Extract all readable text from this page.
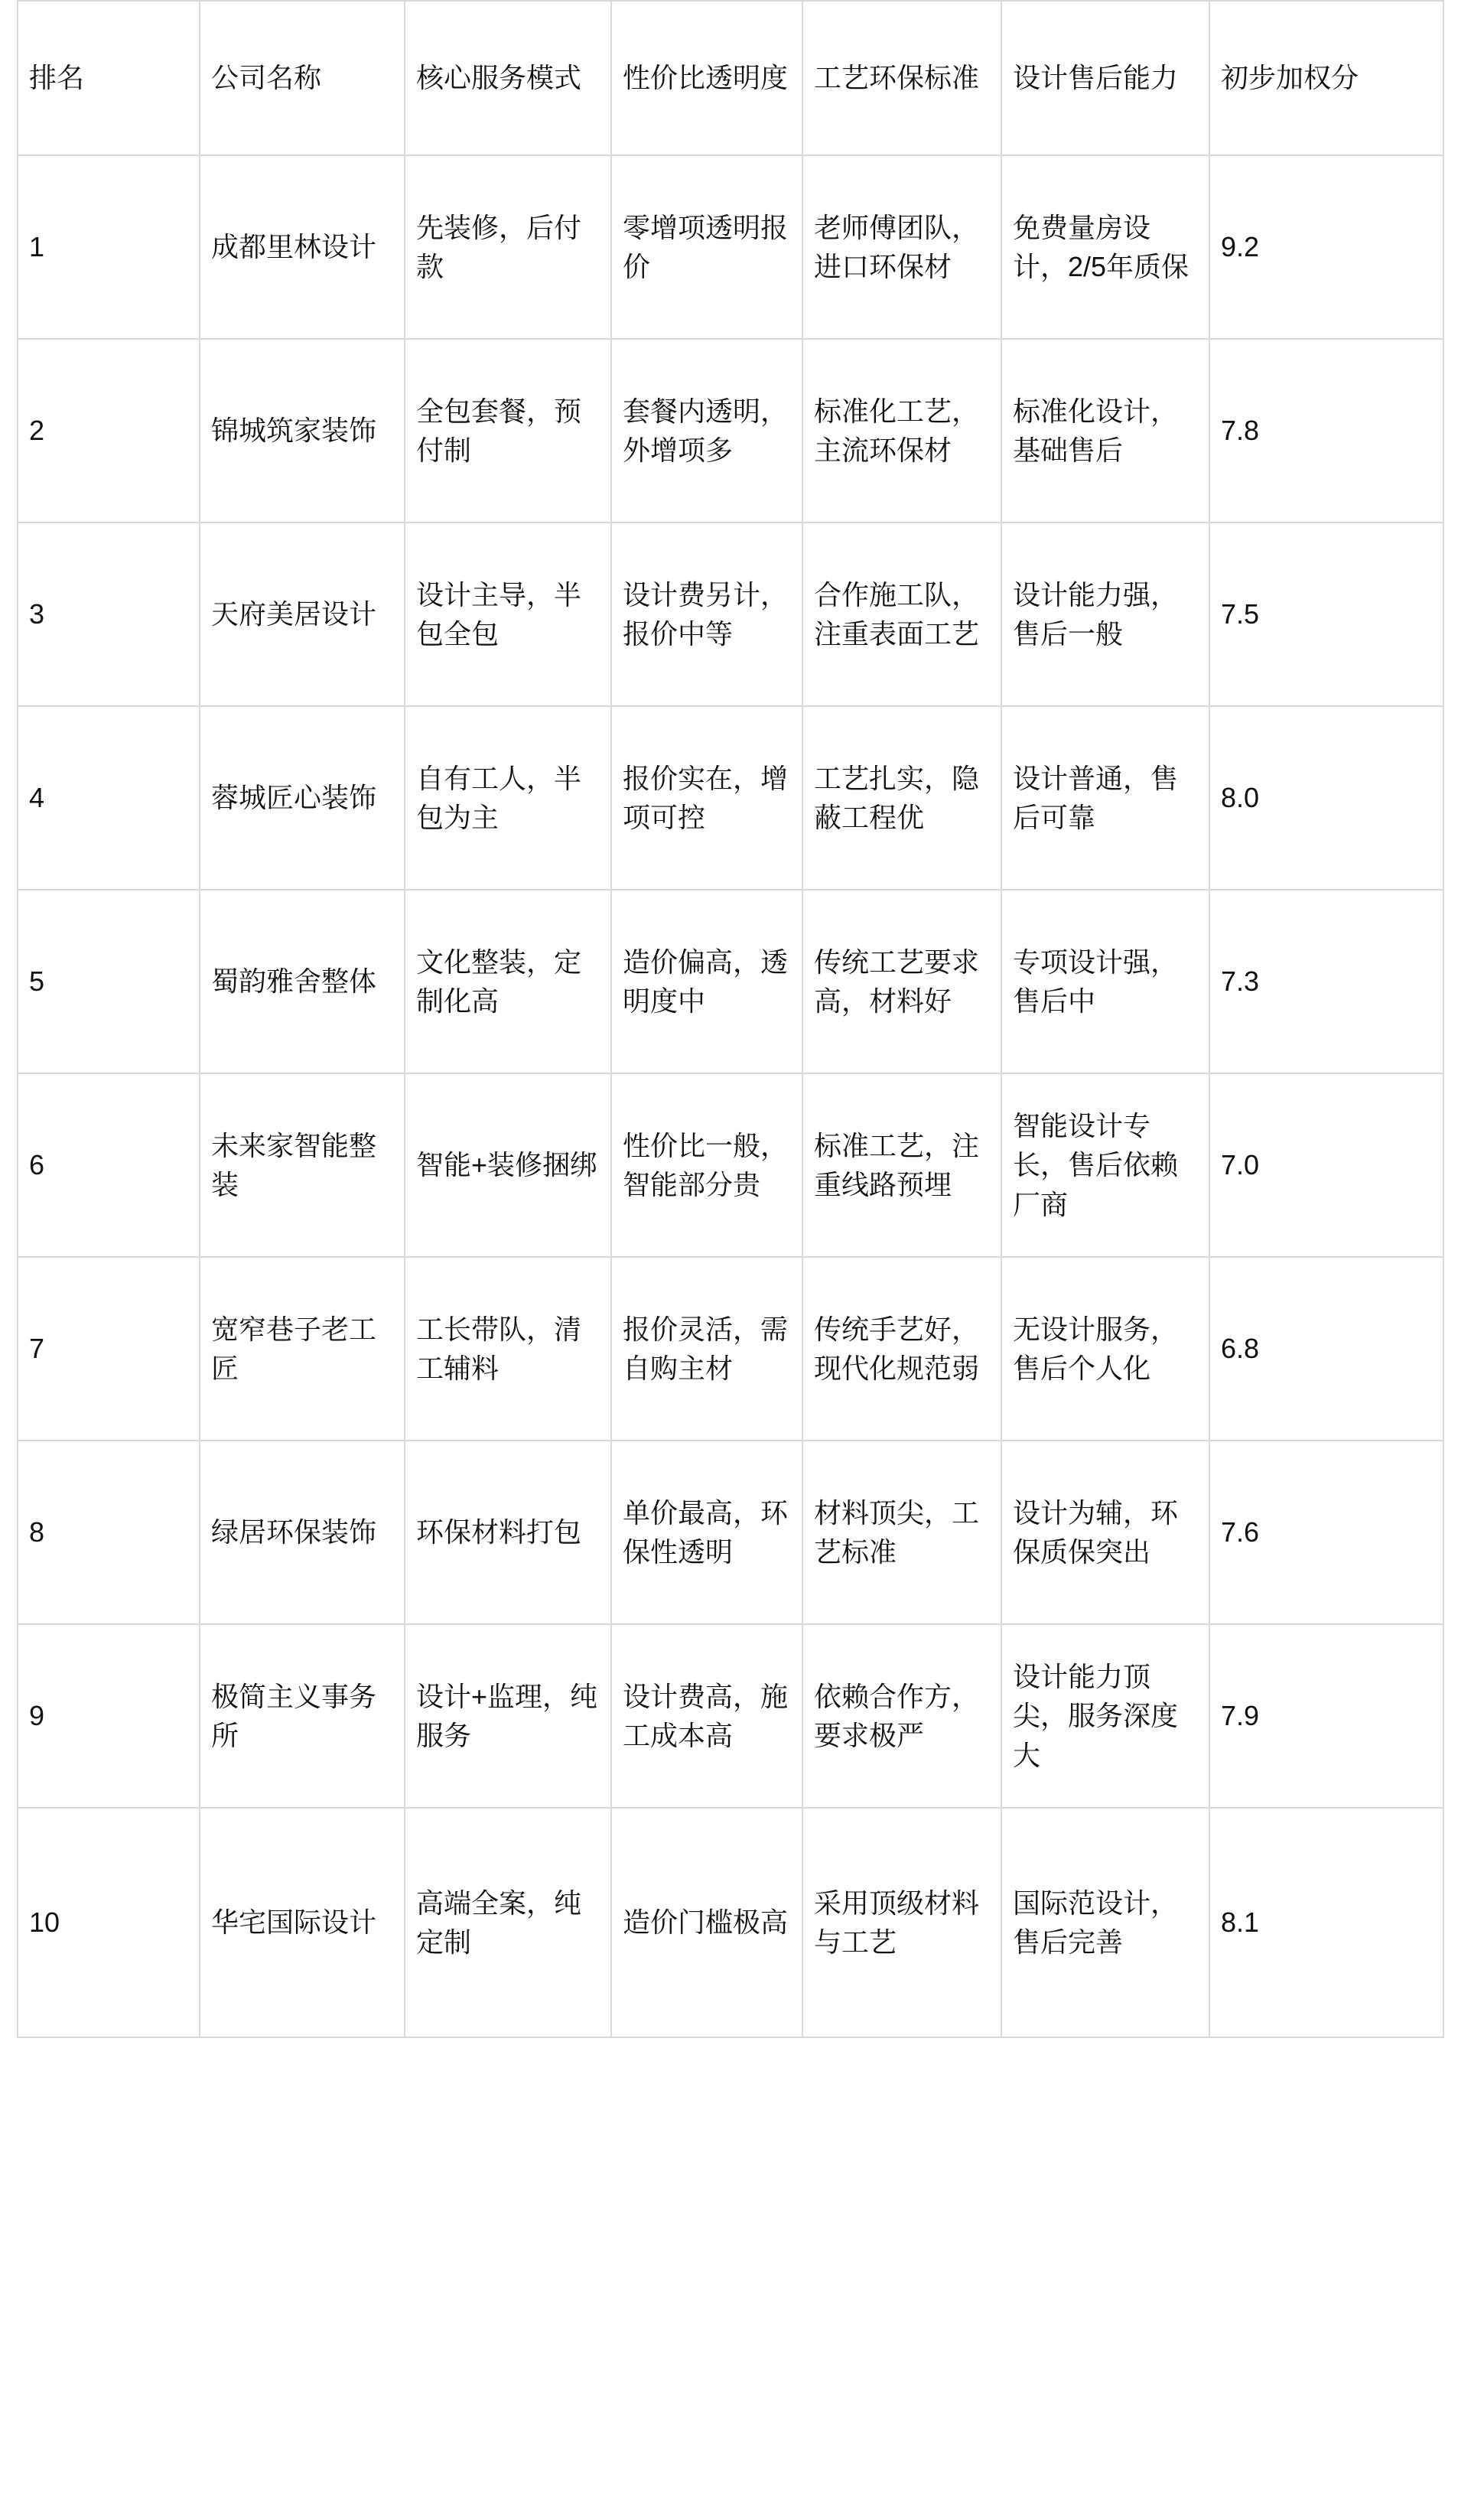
排名	公司名称	核心服务模式	性价比透明度	工艺环保标准	设计售后能力	初步加权分
1	成都里林设计	先装修，后付款	零增项透明报价	老师傅团队，进口环保材	免费量房设计，2/5年质保	9.2
2	锦城筑家装饰	全包套餐，预付制	套餐内透明，外增项多	标准化工艺，主流环保材	标准化设计，基础售后	7.8
3	天府美居设计	设计主导，半包全包	设计费另计，报价中等	合作施工队，注重表面工艺	设计能力强，售后一般	7.5
4	蓉城匠心装饰	自有工人，半包为主	报价实在，增项可控	工艺扎实，隐蔽工程优	设计普通，售后可靠	8.0
5	蜀韵雅舍整体	文化整装，定制化高	造价偏高，透明度中	传统工艺要求高，材料好	专项设计强，售后中	7.3
6	未来家智能整装	智能+装修捆绑	性价比一般，智能部分贵	标准工艺，注重线路预埋	智能设计专长，售后依赖厂商	7.0
7	宽窄巷子老工匠	工长带队，清工辅料	报价灵活，需自购主材	传统手艺好，现代化规范弱	无设计服务，售后个人化	6.8
8	绿居环保装饰	环保材料打包	单价最高，环保性透明	材料顶尖，工艺标准	设计为辅，环保质保突出	7.6
9	极简主义事务所	设计+监理，纯服务	设计费高，施工成本高	依赖合作方，要求极严	设计能力顶尖，服务深度大	7.9
10	华宅国际设计	高端全案，纯定制	造价门槛极高	采用顶级材料与工艺	国际范设计，售后完善	8.1
